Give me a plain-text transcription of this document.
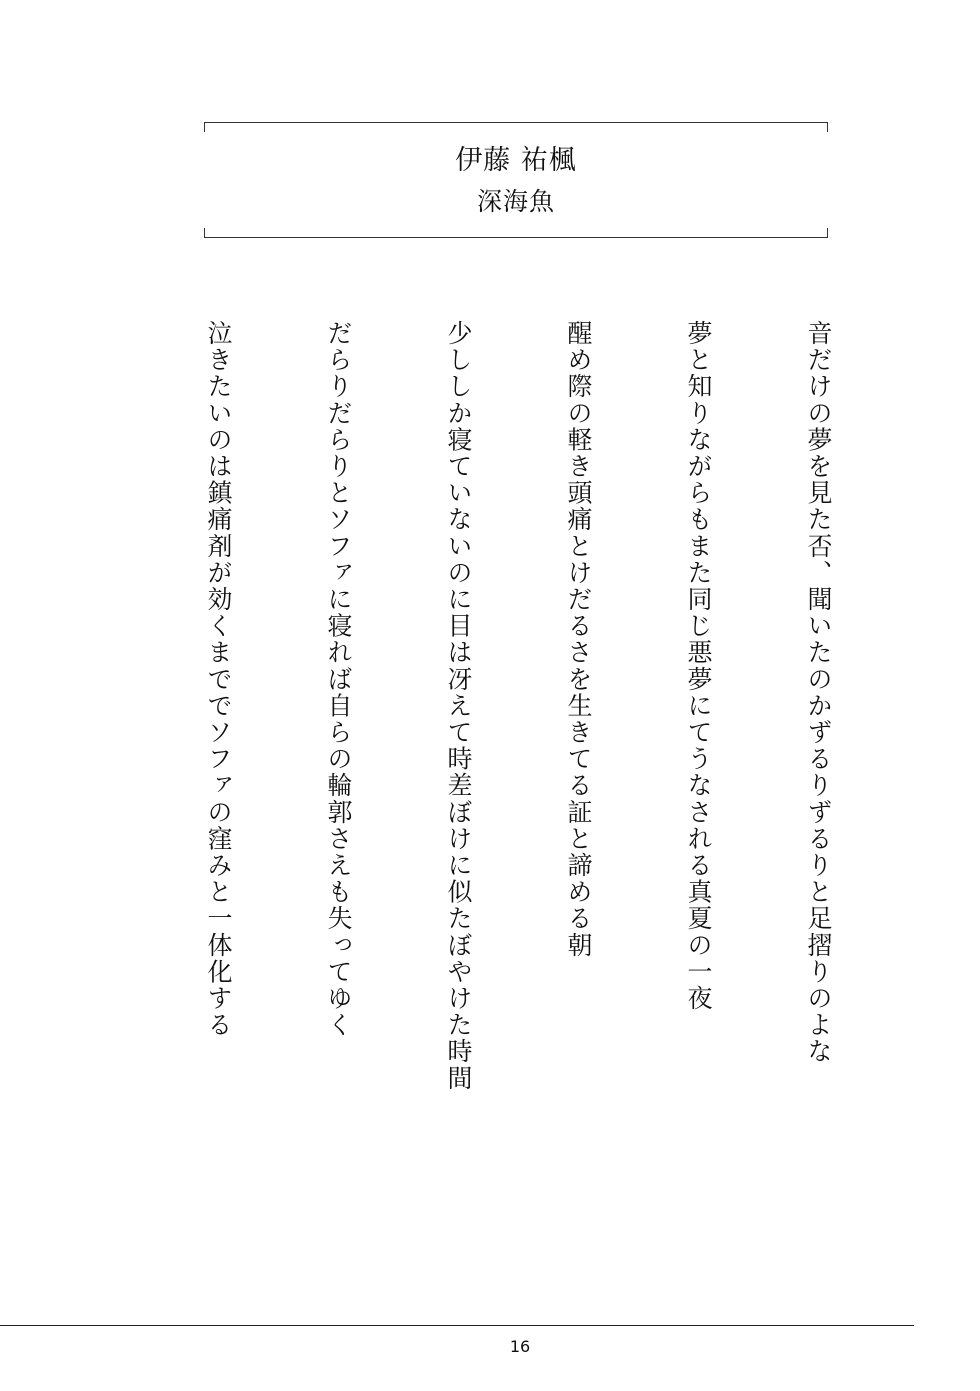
伊藤 祐楓
深海魚
音だけの夢を見た否、聞いたのかずるりずるりと足摺りのよな
夢と知りながらもまた同じ悪夢にてうなされる真夏の一夜
醒め際の軽き頭痛とけだるさを生きてる証と諦める朝
少ししか寝ていないのに目は冴えて時差ぼけに似たぼやけた時間
だらりだらりとソファに寝れば自らの輪郭さえも失ってゆく
泣きたいのは鎮痛剤が効くまででソファの窪みと一体化する
16
